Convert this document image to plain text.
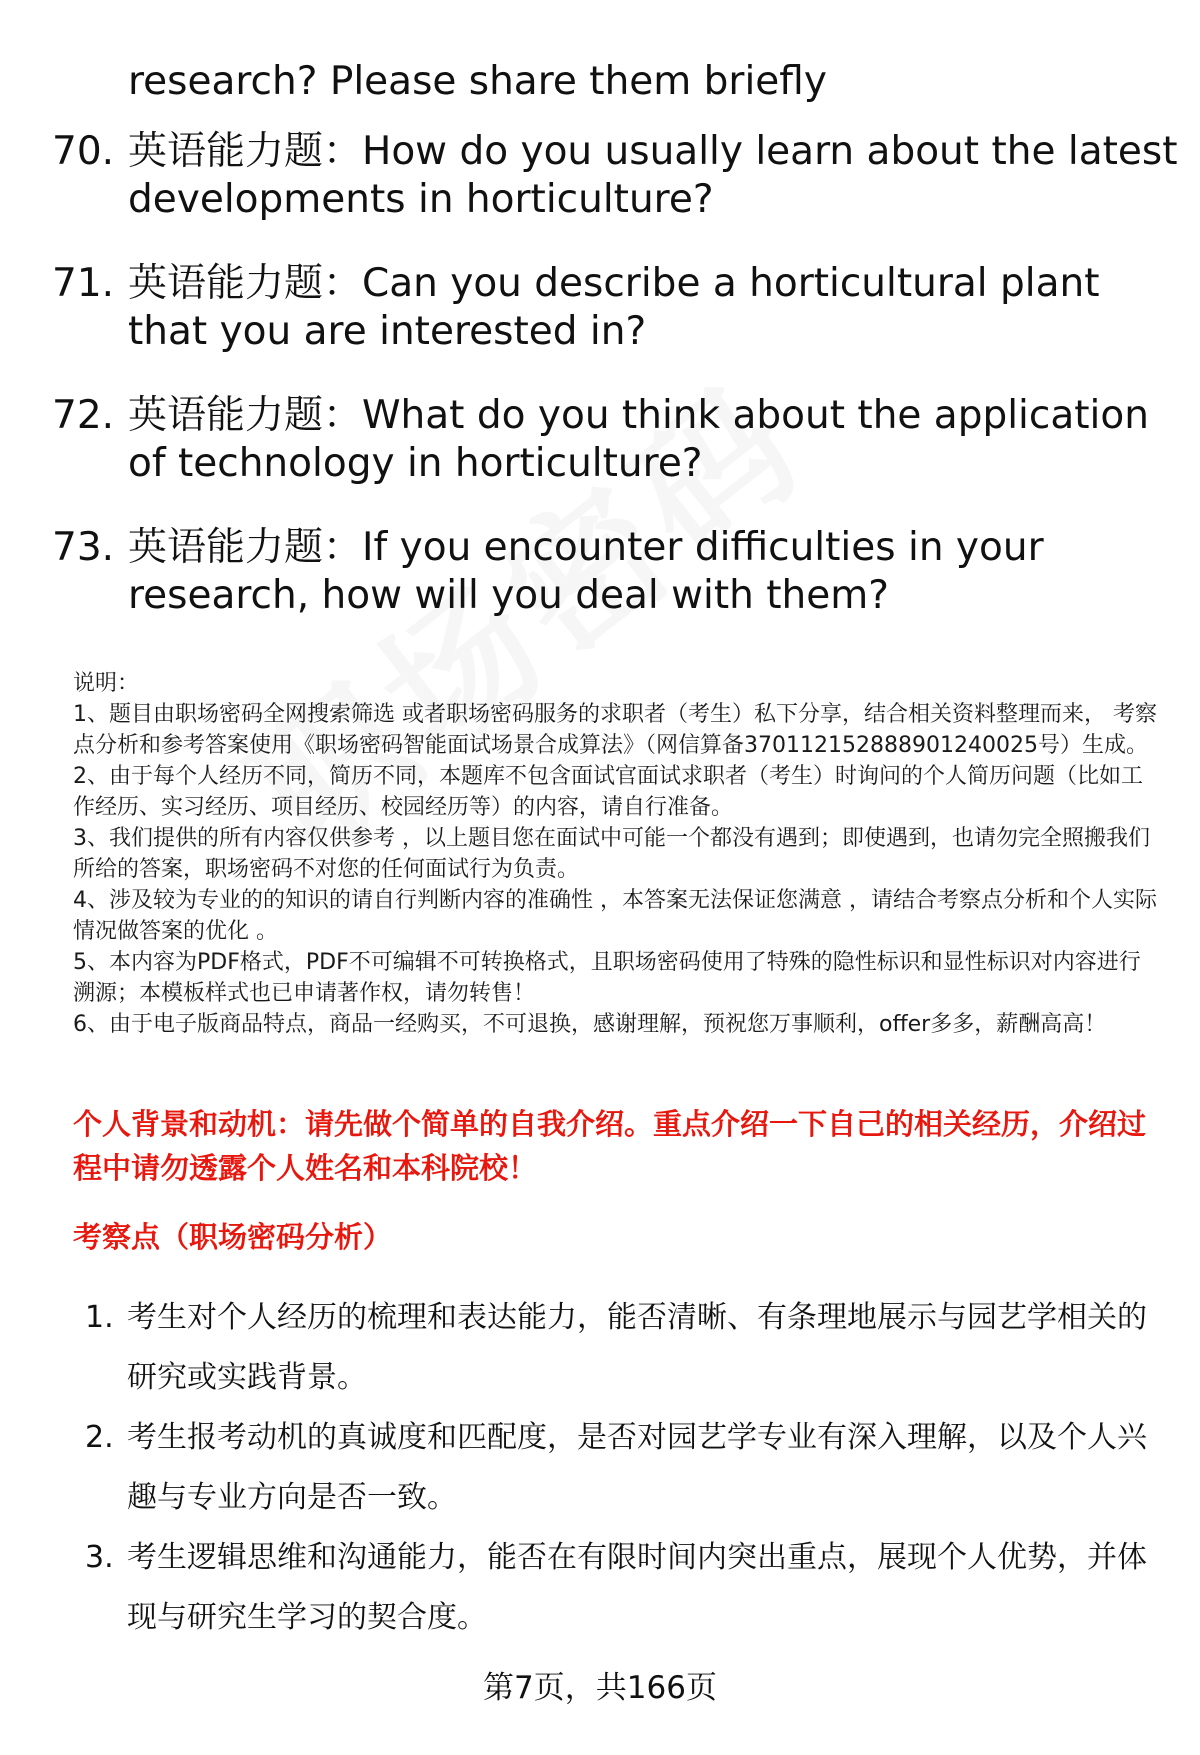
research? Please share them briefly
70. 英语能力题：How do you usually learn about the latest developments in horticulture?
71. 英语能力题：Can you describe a horticultural plant that you are interested in?
72. 英语能力题：What do you think about the application of technology in horticulture?
73. 英语能力题：If you encounter difficulties in your research, how will you deal with them?

说明：

1、题目由职场密码全网搜索筛选 或者职场密码服务的求职者（考生）私下分享，结合相关资料整理而来， 考察点分析和参考答案使用《职场密码智能面试场景合成算法》（网信算备370112152888901240025号）生成。

2、由于每个人经历不同，简历不同，本题库不包含面试官面试求职者（考生）时询问的个人简历问题（比如工作经历、实习经历、项目经历、校园经历等）的内容，请自行准备。

3、我们提供的所有内容仅供参考 ，以上题目您在面试中可能一个都没有遇到；即使遇到，也请勿完全照搬我们所给的答案，职场密码不对您的任何面试行为负责。

4、涉及较为专业的的知识的请自行判断内容的准确性 ，本答案无法保证您满意 ，请结合考察点分析和个人实际情况做答案的优化 。

5、本内容为PDF格式，PDF不可编辑不可转换格式，且职场密码使用了特殊的隐性标识和显性标识对内容进行溯源；本模板样式也已申请著作权，请勿转售！

6、由于电子版商品特点，商品一经购买，不可退换，感谢理解，预祝您万事顺利，offer多多，薪酬高高！

个人背景和动机：请先做个简单的自我介绍。重点介绍一下自己的相关经历，介绍过程中请勿透露个人姓名和本科院校！
考察点（职场密码分析）
1. 考生对个人经历的梳理和表达能力，能否清晰、有条理地展示与园艺学相关的研究或实践背景。
2. 考生报考动机的真诚度和匹配度，是否对园艺学专业有深入理解，以及个人兴趣与专业方向是否一致。
3. 考生逻辑思维和沟通能力，能否在有限时间内突出重点，展现个人优势，并体现与研究生学习的契合度。
第7页，共166页
